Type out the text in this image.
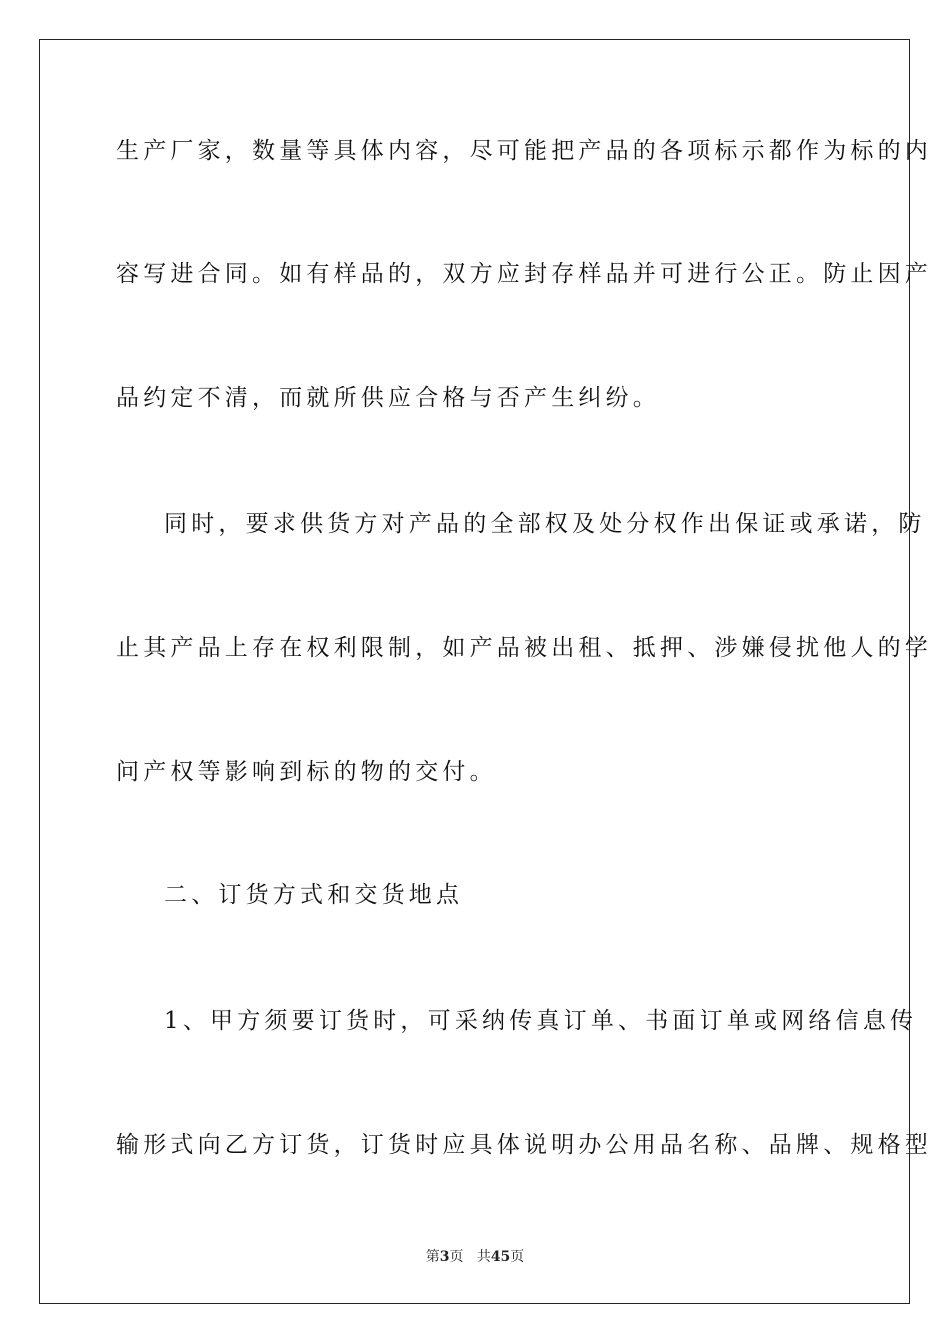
生产厂家，数量等具体内容，尽可能把产品的各项标示都作为标的内
容写进合同。如有样品的，双方应封存样品并可进行公正。防止因产
品约定不清，而就所供应合格与否产生纠纷。
同时，要求供货方对产品的全部权及处分权作出保证或承诺，防
止其产品上存在权利限制，如产品被出租、抵押、涉嫌侵扰他人的学
问产权等影响到标的物的交付。
二、订货方式和交货地点
1、甲方须要订货时，可采纳传真订单、书面订单或网络信息传
输形式向乙方订货，订货时应具体说明办公用品名称、品牌、规格型
第3页 共45页
